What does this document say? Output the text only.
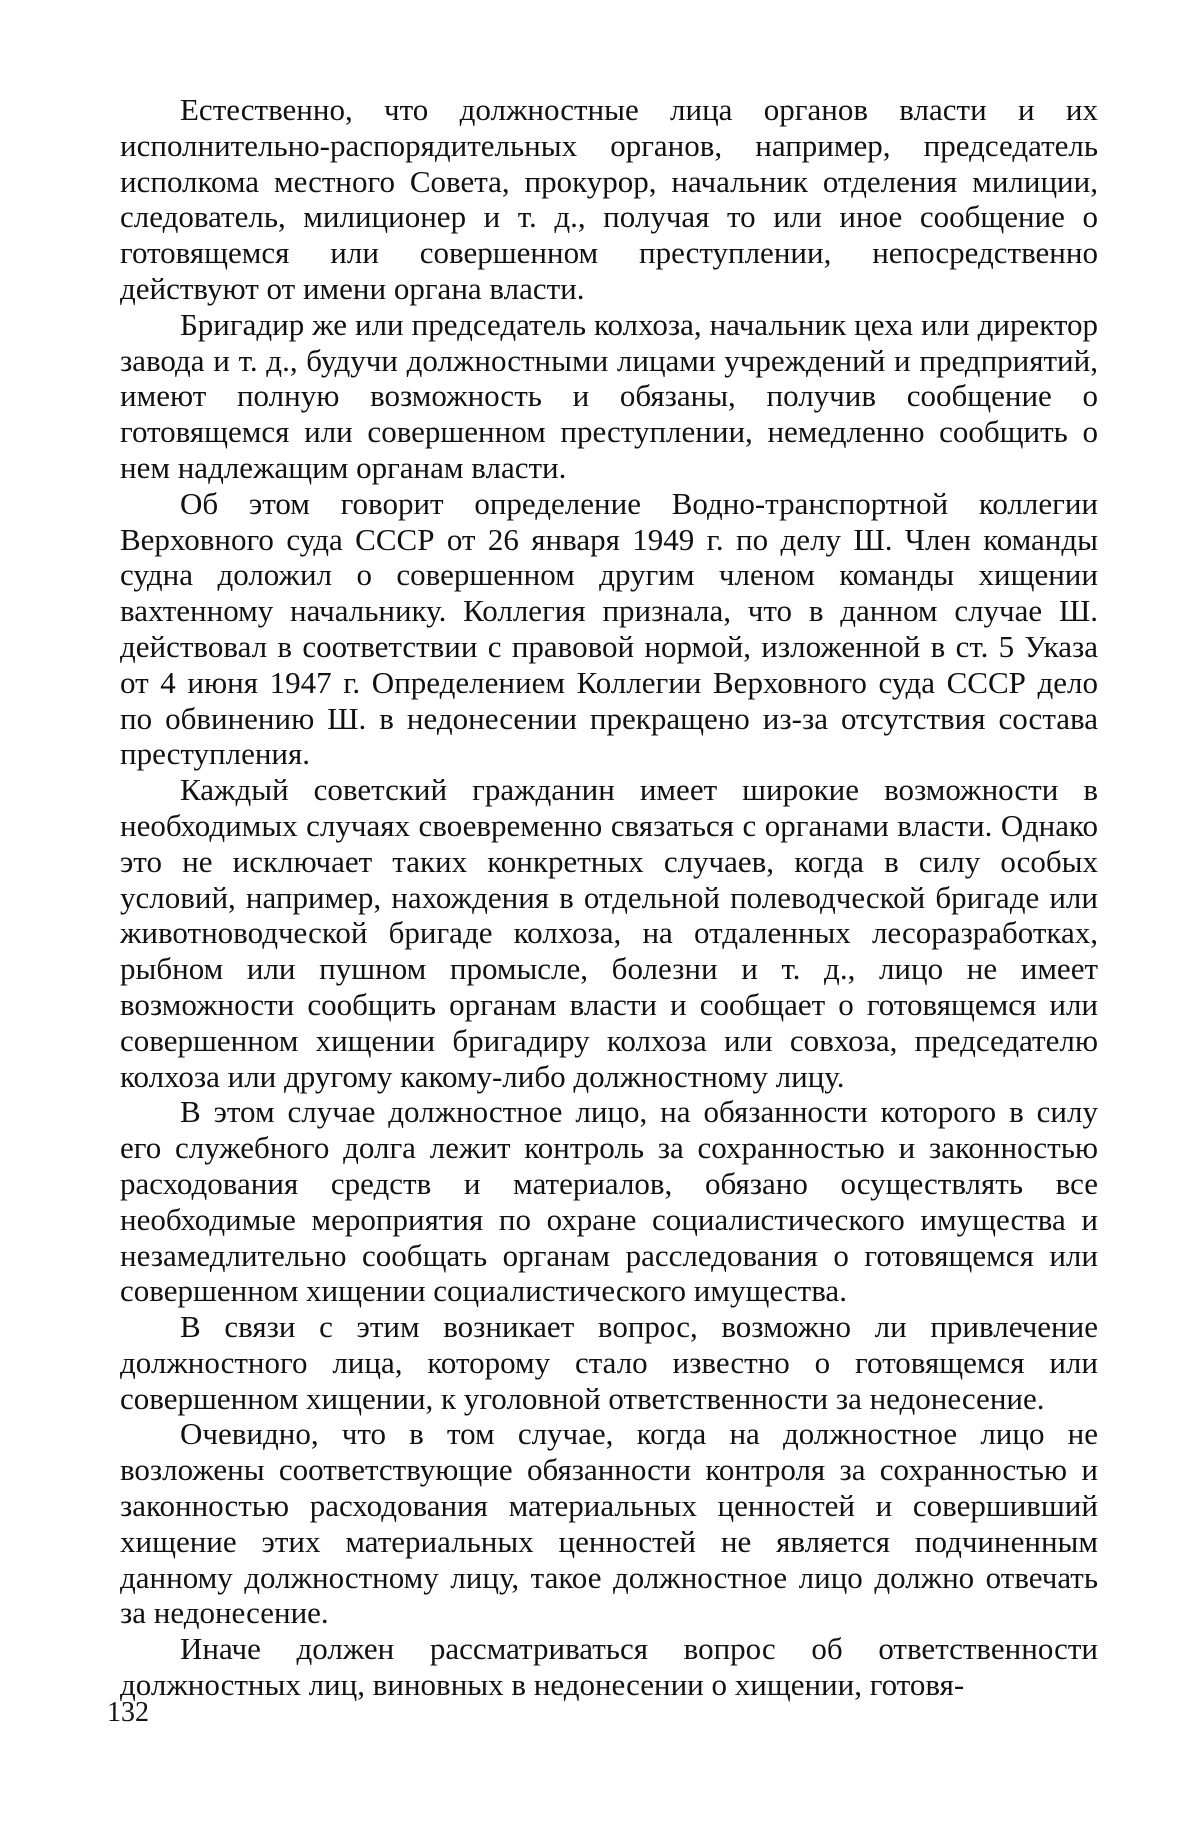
Естественно, что должностные лица органов власти и их исполнительно-распорядительных органов, например, председатель исполкома местного Совета, прокурор, начальник отделения милиции, следователь, милиционер и т. д., получая то или иное сообщение о готовящемся или совершенном преступлении, непосредственно действуют от имени органа власти.

Бригадир же или председатель колхоза, начальник цеха или директор завода и т. д., будучи должностными лицами учреждений и предприятий, имеют полную возможность и обязаны, получив сообщение о готовящемся или совершенном преступлении, немедленно сообщить о нем надлежащим органам власти.

Об этом говорит определение Водно-транспортной коллегии Верховного суда СССР от 26 января 1949 г. по делу Ш. Член команды судна доложил о совершенном другим членом команды хищении вахтенному начальнику. Коллегия признала, что в данном случае Ш. действовал в соответствии с правовой нормой, изложенной в ст. 5 Указа от 4 июня 1947 г. Определением Коллегии Верховного суда СССР дело по обвинению Ш. в недонесении прекращено из-за отсутствия состава преступления.

Каждый советский гражданин имеет широкие возможности в необходимых случаях своевременно связаться с органами власти. Однако это не исключает таких конкретных случаев, когда в силу особых условий, например, нахождения в отдельной полеводческой бригаде или животноводческой бригаде колхоза, на отдаленных лесоразработках, рыбном или пушном промысле, болезни и т. д., лицо не имеет возможности сообщить органам власти и сообщает о готовящемся или совершенном хищении бригадиру колхоза или совхоза, председателю колхоза или другому какому-либо должностному лицу.

В этом случае должностное лицо, на обязанности которого в силу его служебного долга лежит контроль за сохранностью и законностью расходования средств и материалов, обязано осуществлять все необходимые мероприятия по охране социалистического имущества и незамедлительно сообщать органам расследования о готовящемся или совершенном хищении социалистического имущества.

В связи с этим возникает вопрос, возможно ли привлечение должностного лица, которому стало известно о готовящемся или совершенном хищении, к уголовной ответственности за недонесение.

Очевидно, что в том случае, когда на должностное лицо не возложены соответствующие обязанности контроля за сохранностью и законностью расходования материальных ценностей и совершивший хищение этих материальных ценностей не является подчиненным данному должностному лицу, такое должностное лицо должно отвечать за недонесение.

Иначе должен рассматриваться вопрос об ответственности должностных лиц, виновных в недонесении о хищении, готовя-

132
